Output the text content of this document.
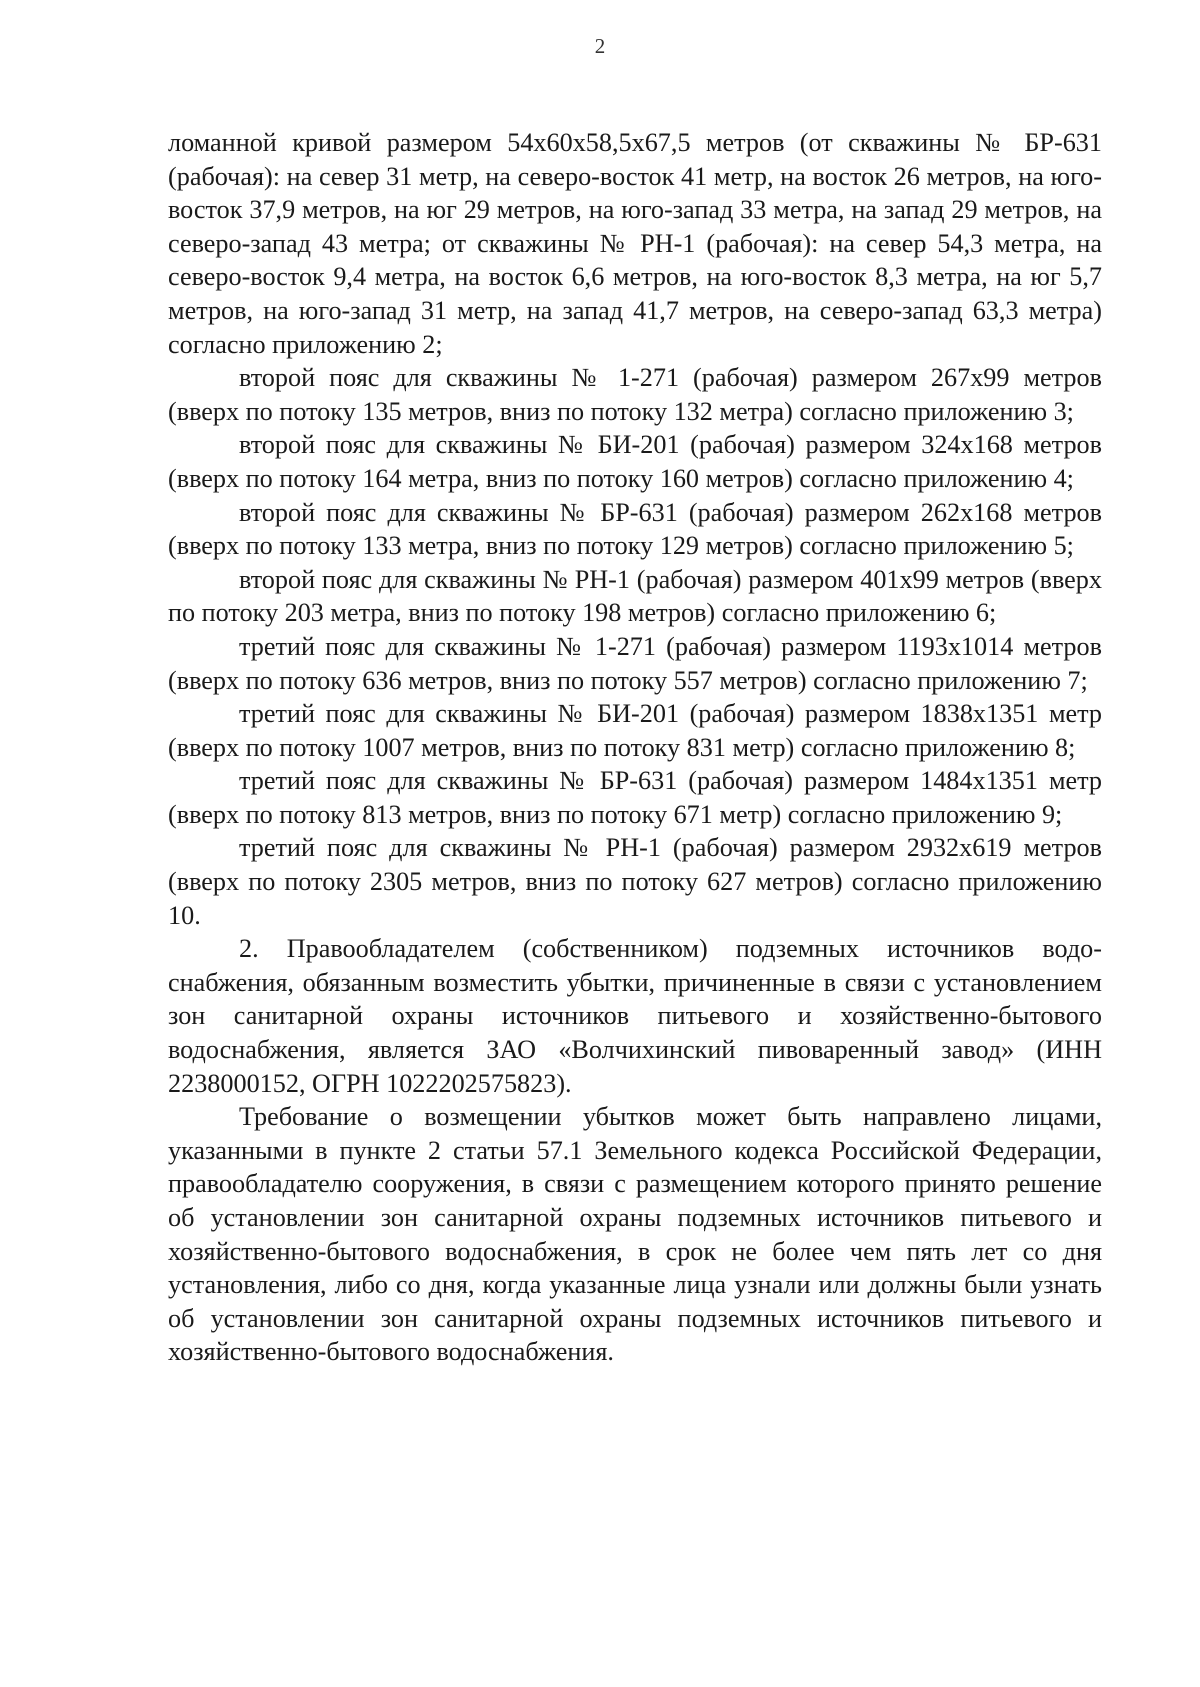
2

ломанной кривой размером 54х60х58,5х67,5 метров (от скважины № БР-631 (рабочая): на север 31 метр, на северо-восток 41 метр, на восток 26 метров, на юго-восток 37,9 метров, на юг 29 метров, на юго-запад 33 метра, на запад 29 метров, на северо-запад 43 метра; от скважины № РН-1 (рабочая): на север 54,3 метра, на северо-восток 9,4 метра, на восток 6,6 метров, на юго-восток 8,3 метра, на юг 5,7 метров, на юго-запад 31 метр, на запад 41,7 метров, на северо-запад 63,3 метра) согласно приложению 2;

второй пояс для скважины № 1-271 (рабочая) размером 267х99 метров (вверх по потоку 135 метров, вниз по потоку 132 метра) согласно приложению 3;

второй пояс для скважины № БИ-201 (рабочая) размером 324х168 метров (вверх по потоку 164 метра, вниз по потоку 160 метров) согласно приложению 4;

второй пояс для скважины № БР-631 (рабочая) размером 262х168 метров (вверх по потоку 133 метра, вниз по потоку 129 метров) согласно приложению 5;

второй пояс для скважины № РН-1 (рабочая) размером 401х99 метров (вверх по потоку 203 метра, вниз по потоку 198 метров) согласно приложению 6;

третий пояс для скважины № 1-271 (рабочая) размером 1193х1014 метров (вверх по потоку 636 метров, вниз по потоку 557 метров) согласно приложению 7;

третий пояс для скважины № БИ-201 (рабочая) размером 1838х1351 метр (вверх по потоку 1007 метров, вниз по потоку 831 метр) согласно приложению 8;

третий пояс для скважины № БР-631 (рабочая) размером 1484х1351 метр (вверх по потоку 813 метров, вниз по потоку 671 метр) согласно приложению 9;

третий пояс для скважины № РН-1 (рабочая) размером 2932х619 метров (вверх по потоку 2305 метров, вниз по потоку 627 метров) согласно приложению 10.

2. Правообладателем (собственником) подземных источников водоснабжения, обязанным возместить убытки, причиненные в связи с установлением зон санитарной охраны источников питьевого и хозяйственно-бытового водоснабжения, является ЗАО «Волчихинский пивоваренный завод» (ИНН 2238000152, ОГРН 1022202575823).

Требование о возмещении убытков может быть направлено лицами, указанными в пункте 2 статьи 57.1 Земельного кодекса Российской Федерации, правообладателю сооружения, в связи с размещением которого принято решение об установлении зон санитарной охраны подземных источников питьевого и хозяйственно-бытового водоснабжения, в срок не более чем пять лет со дня установления, либо со дня, когда указанные лица узнали или должны были узнать об установлении зон санитарной охраны подземных источников питьевого и хозяйственно-бытового водоснабжения.
